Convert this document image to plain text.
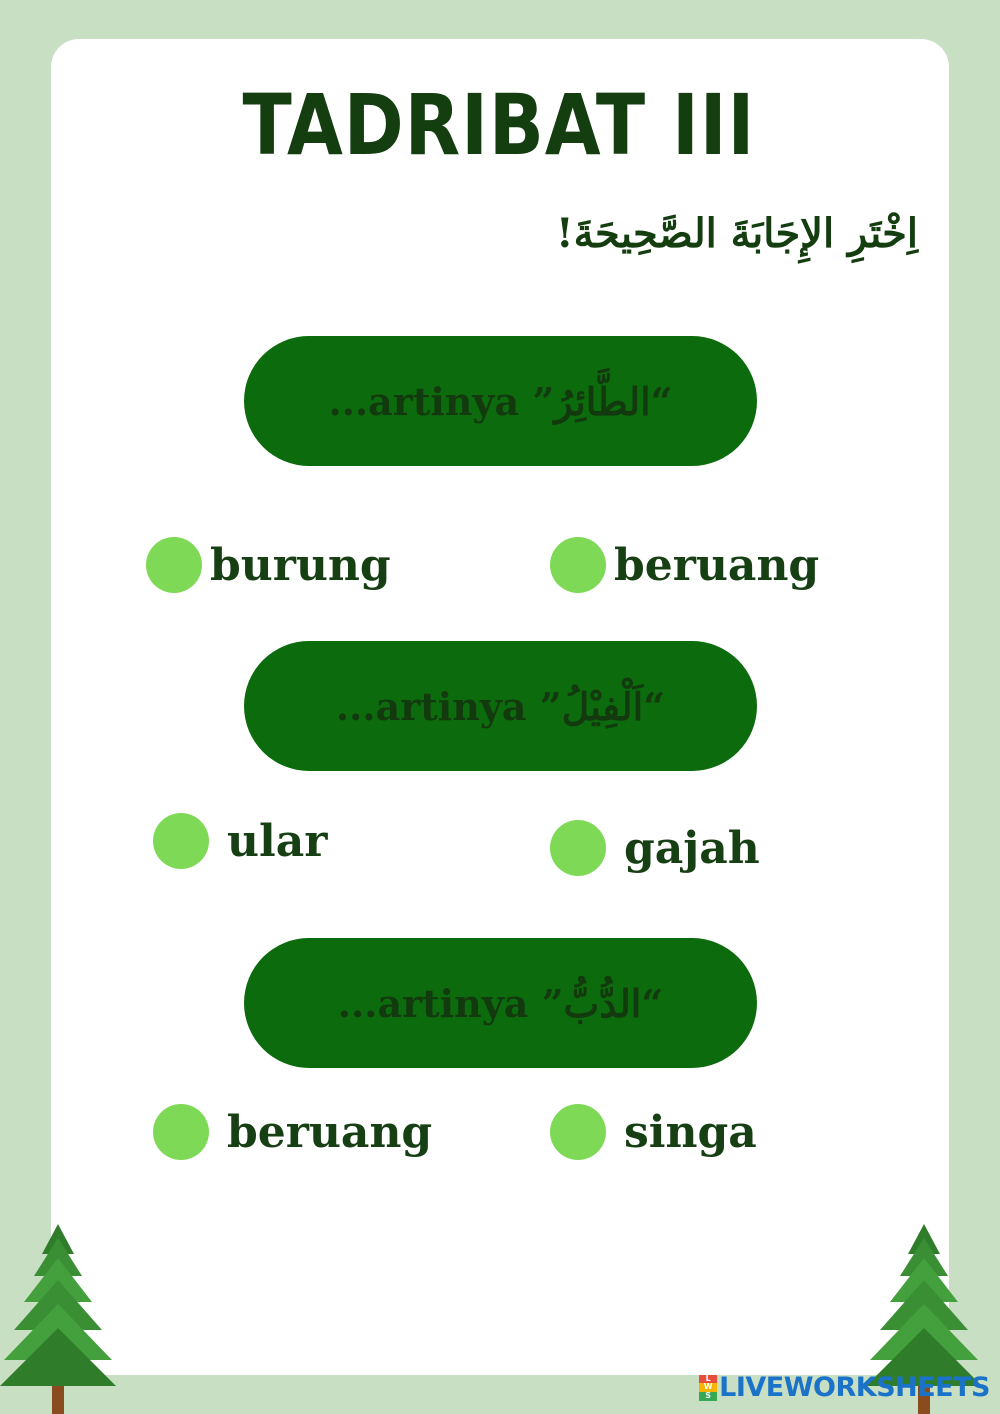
TADRIBAT III
اِخْتَرِ الإِجَابَةَ الصَّحِيحَةَ!
“الطَّائِرُ” artinya...
burung	beruang
“اَلْفِيْلُ” artinya...
ular	gajah
“الدُّبُّ” artinya...
beruang	singa
L
W
S LIVEWORKSHEETS
